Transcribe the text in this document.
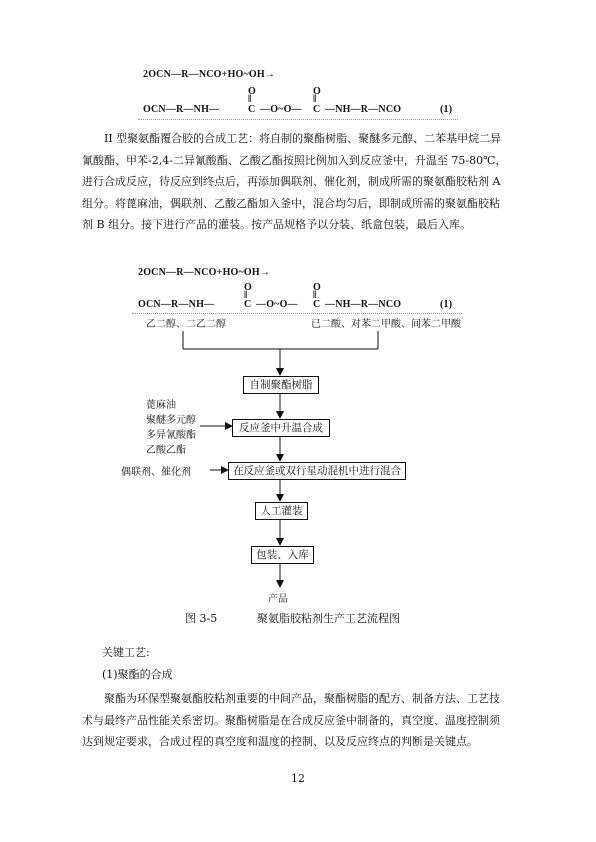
2OCN—R—NCO+HO~OH→
O
‖
O
‖
OCN—R—NH—	C —O~O— C —NH—R—NCO	(1)
II 型聚氨酯覆合胶的合成工艺：将自制的聚酯树脂、聚醚多元醇、二苯基甲烷二异
氰酸酯、甲苯-2,4-二异氰酸酯、乙酸乙酯按照比例加入到反应釜中，升温至 75-80℃，
进行合成反应，待反应到终点后，再添加偶联剂、催化剂，制成所需的聚氨酯胶粘剂 A
组分。将蓖麻油，偶联剂、乙酸乙酯加入釜中，混合均匀后，即制成所需的聚氨酯胶粘
剂 B 组分。接下进行产品的灌装。按产品规格予以分装、纸盒包装，最后入库。
2OCN—R—NCO+HO~OH→
O
‖
O
‖
OCN—R—NH—	C —O~O— C —NH—R—NCO	(1)
乙二醇、二乙二醇	已二酸、对苯二甲酸、间苯二甲酸
自制聚酯树脂
蓖麻油
聚醚多元醇
多异氰酸酯
乙酸乙酯
反应釜中升温合成
偶联剂、催化剂	在反应釜或双行星动混机中进行混合
人工灌装
包装、入库
产品
图 3-5	聚氨脂胶粘剂生产工艺流程图
关键工艺:
(1)聚酯的合成
聚酯为环保型聚氨酯胶粘剂重要的中间产品，聚酯树脂的配方、制备方法、工艺技
术与最终产品性能关系密切。聚酯树脂是在合成反应釜中制备的，真空度、温度控制须
达到规定要求，合成过程的真空度和温度的控制、以及反应终点的判断是关键点。
12
